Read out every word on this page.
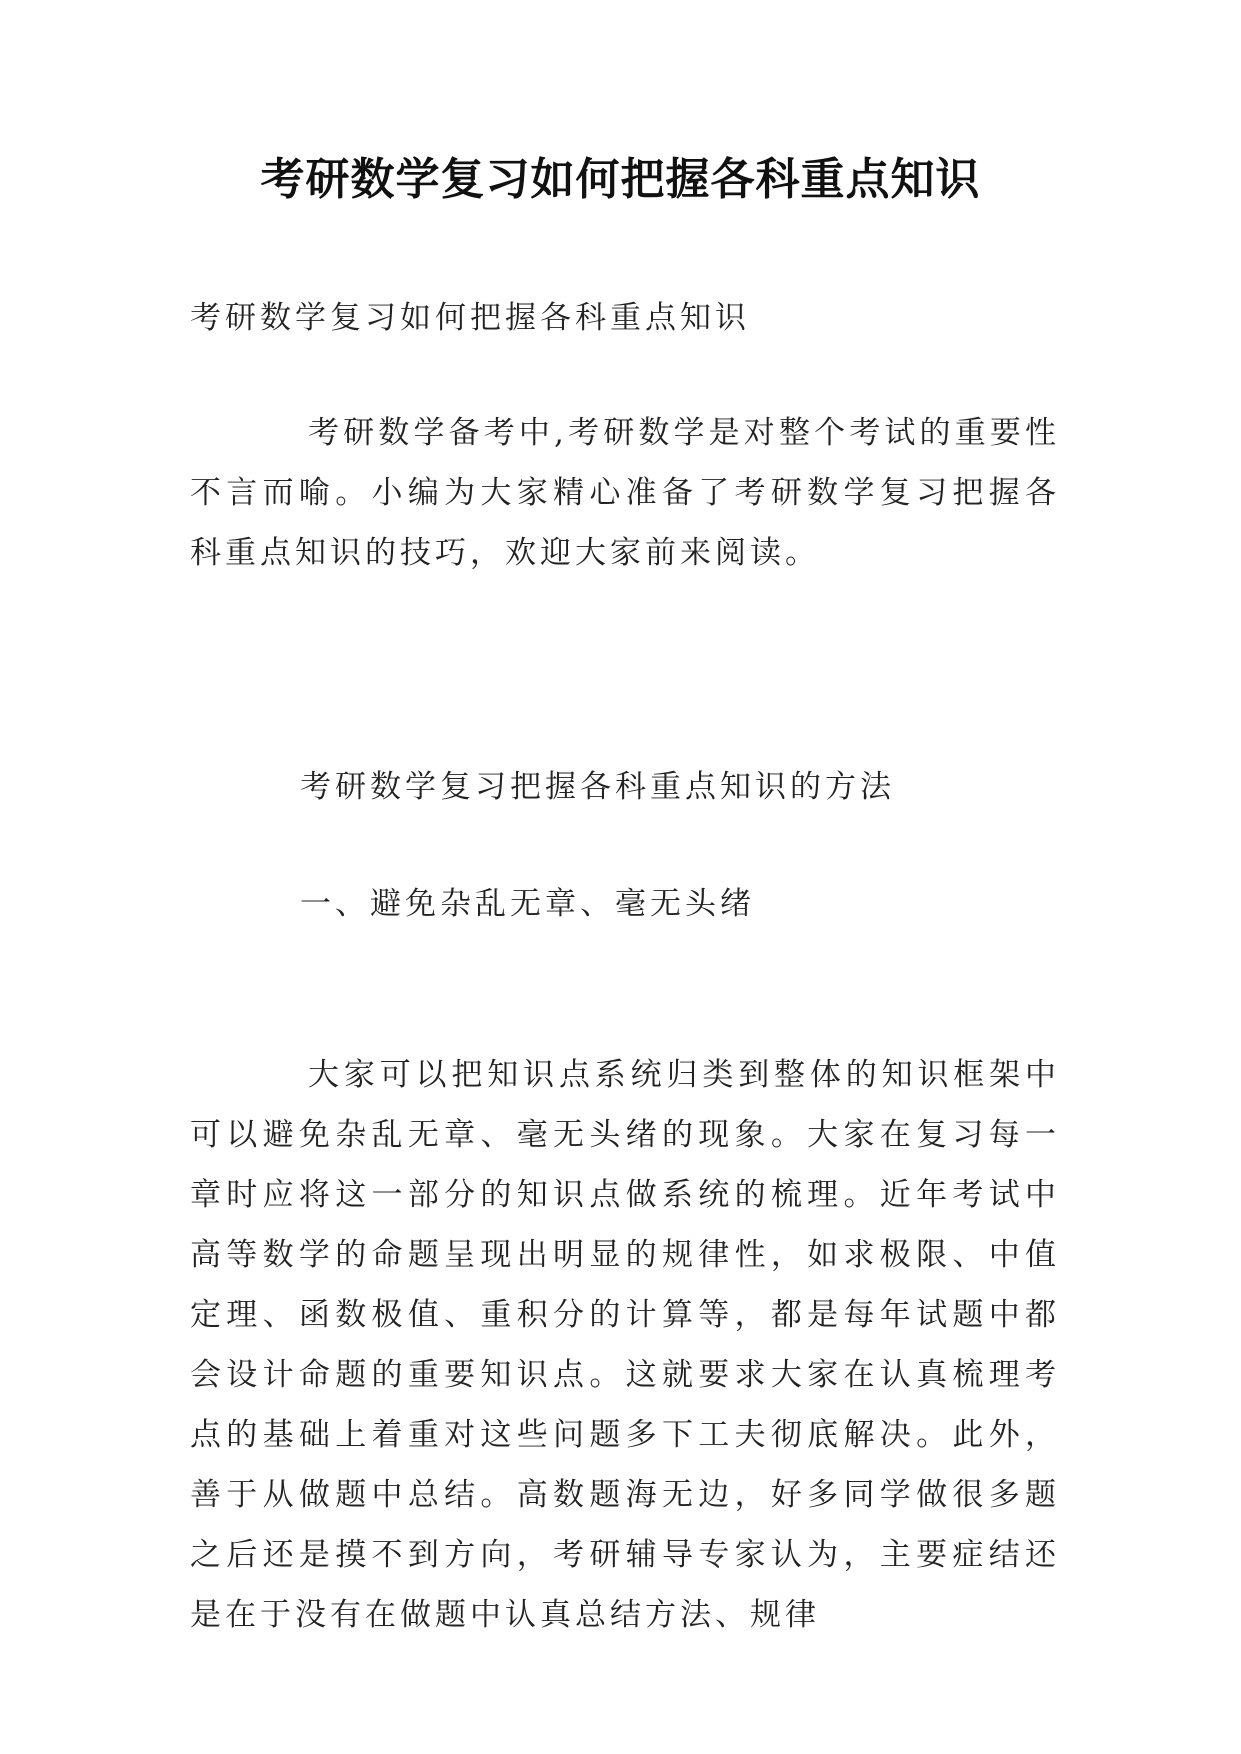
考研数学复习如何把握各科重点知识

考研数学复习如何把握各科重点知识

考研数学备考中,考研数学是对整个考试的重要性不言而喻。小编为大家精心准备了考研数学复习把握各科重点知识的技巧，欢迎大家前来阅读。

考研数学复习把握各科重点知识的方法

一、避免杂乱无章、毫无头绪

大家可以把知识点系统归类到整体的知识框架中可以避免杂乱无章、毫无头绪的现象。大家在复习每一章时应将这一部分的知识点做系统的梳理。近年考试中高等数学的命题呈现出明显的规律性，如求极限、中值定理、函数极值、重积分的计算等，都是每年试题中都会设计命题的重要知识点。这就要求大家在认真梳理考点的基础上着重对这些问题多下工夫彻底解决。此外，善于从做题中总结。高数题海无边，好多同学做很多题之后还是摸不到方向，考研辅导专家认为，主要症结还是在于没有在做题中认真总结方法、规律
